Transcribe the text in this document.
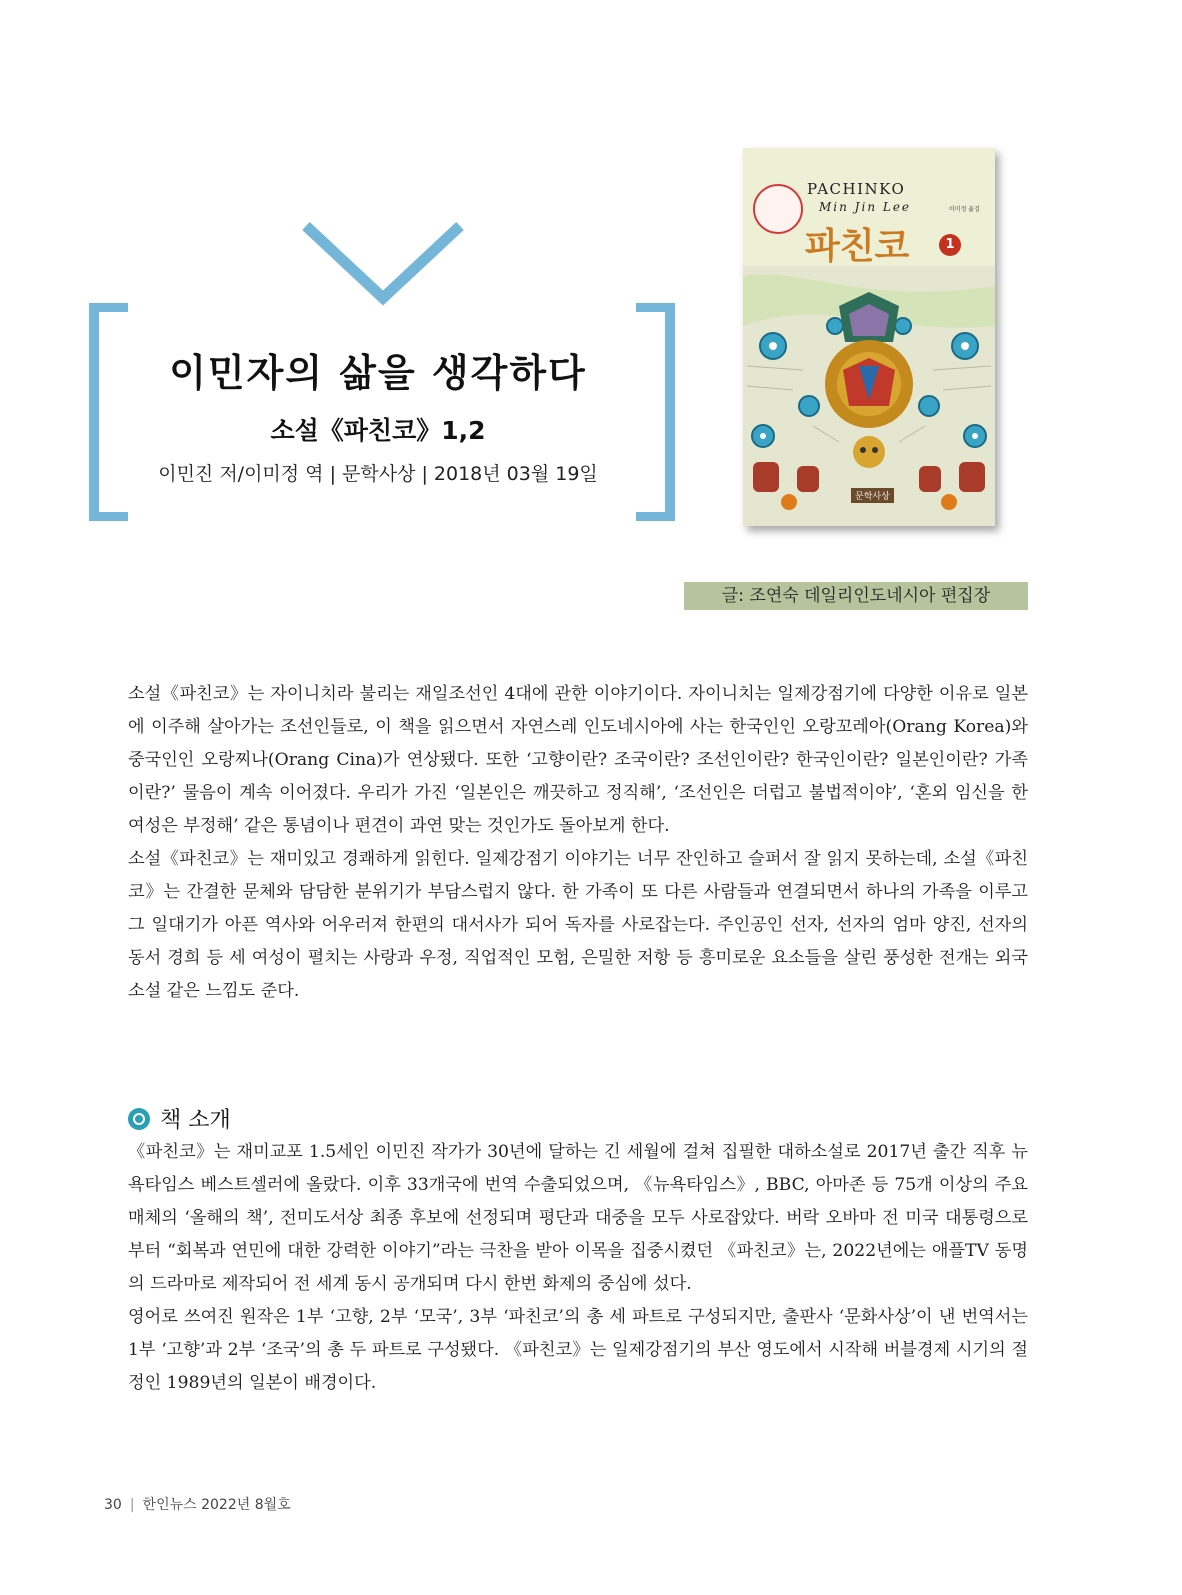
이민자의 삶을 생각하다
소설《파친코》1,2
이민진 저/이미정 역 | 문학사상 | 2018년 03월 19일
PACHINKO
Min Jin Lee	이미정 옮김
파친코	1
문학사상
글: 조연숙 데일리인도네시아 편집장

소설《파친코》는 자이니치라 불리는 재일조선인 4대에 관한 이야기이다. 자이니치는 일제강점기에 다양한 이유로 일본에 이주해 살아가는 조선인들로, 이 책을 읽으면서 자연스레 인도네시아에 사는 한국인인 오랑꼬레아(Orang Korea)와 중국인인 오랑찌나(Orang Cina)가 연상됐다. 또한 ‘고향이란? 조국이란? 조선인이란? 한국인이란? 일본인이란? 가족이란?’ 물음이 계속 이어졌다. 우리가 가진 ‘일본인은 깨끗하고 정직해’, ‘조선인은 더럽고 불법적이야’, ‘혼외 임신을 한 여성은 부정해’ 같은 통념이나 편견이 과연 맞는 것인가도 돌아보게 한다.

소설《파친코》는 재미있고 경쾌하게 읽힌다. 일제강점기 이야기는 너무 잔인하고 슬퍼서 잘 읽지 못하는데, 소설《파친코》는 간결한 문체와 담담한 분위기가 부담스럽지 않다. 한 가족이 또 다른 사람들과 연결되면서 하나의 가족을 이루고 그 일대기가 아픈 역사와 어우러져 한편의 대서사가 되어 독자를 사로잡는다. 주인공인 선자, 선자의 엄마 양진, 선자의 동서 경희 등 세 여성이 펼치는 사랑과 우정, 직업적인 모험, 은밀한 저항 등 흥미로운 요소들을 살린 풍성한 전개는 외국소설 같은 느낌도 준다.

책 소개

《파친코》는 재미교포 1.5세인 이민진 작가가 30년에 달하는 긴 세월에 걸쳐 집필한 대하소설로 2017년 출간 직후 뉴욕타임스 베스트셀러에 올랐다. 이후 33개국에 번역 수출되었으며, 《뉴욕타임스》, BBC, 아마존 등 75개 이상의 주요 매체의 ‘올해의 책’, 전미도서상 최종 후보에 선정되며 평단과 대중을 모두 사로잡았다. 버락 오바마 전 미국 대통령으로부터 “회복과 연민에 대한 강력한 이야기”라는 극찬을 받아 이목을 집중시켰던 《파친코》는, 2022년에는 애플TV 동명의 드라마로 제작되어 전 세계 동시 공개되며 다시 한번 화제의 중심에 섰다.

영어로 쓰여진 원작은 1부 ‘고향, 2부 ‘모국’, 3부 ‘파친코’의 총 세 파트로 구성되지만, 출판사 ‘문화사상’이 낸 번역서는 1부 ‘고향’과 2부 ‘조국’의 총 두 파트로 구성됐다. 《파친코》는 일제강점기의 부산 영도에서 시작해 버블경제 시기의 절정인 1989년의 일본이 배경이다.

30 | 한인뉴스 2022년 8월호
